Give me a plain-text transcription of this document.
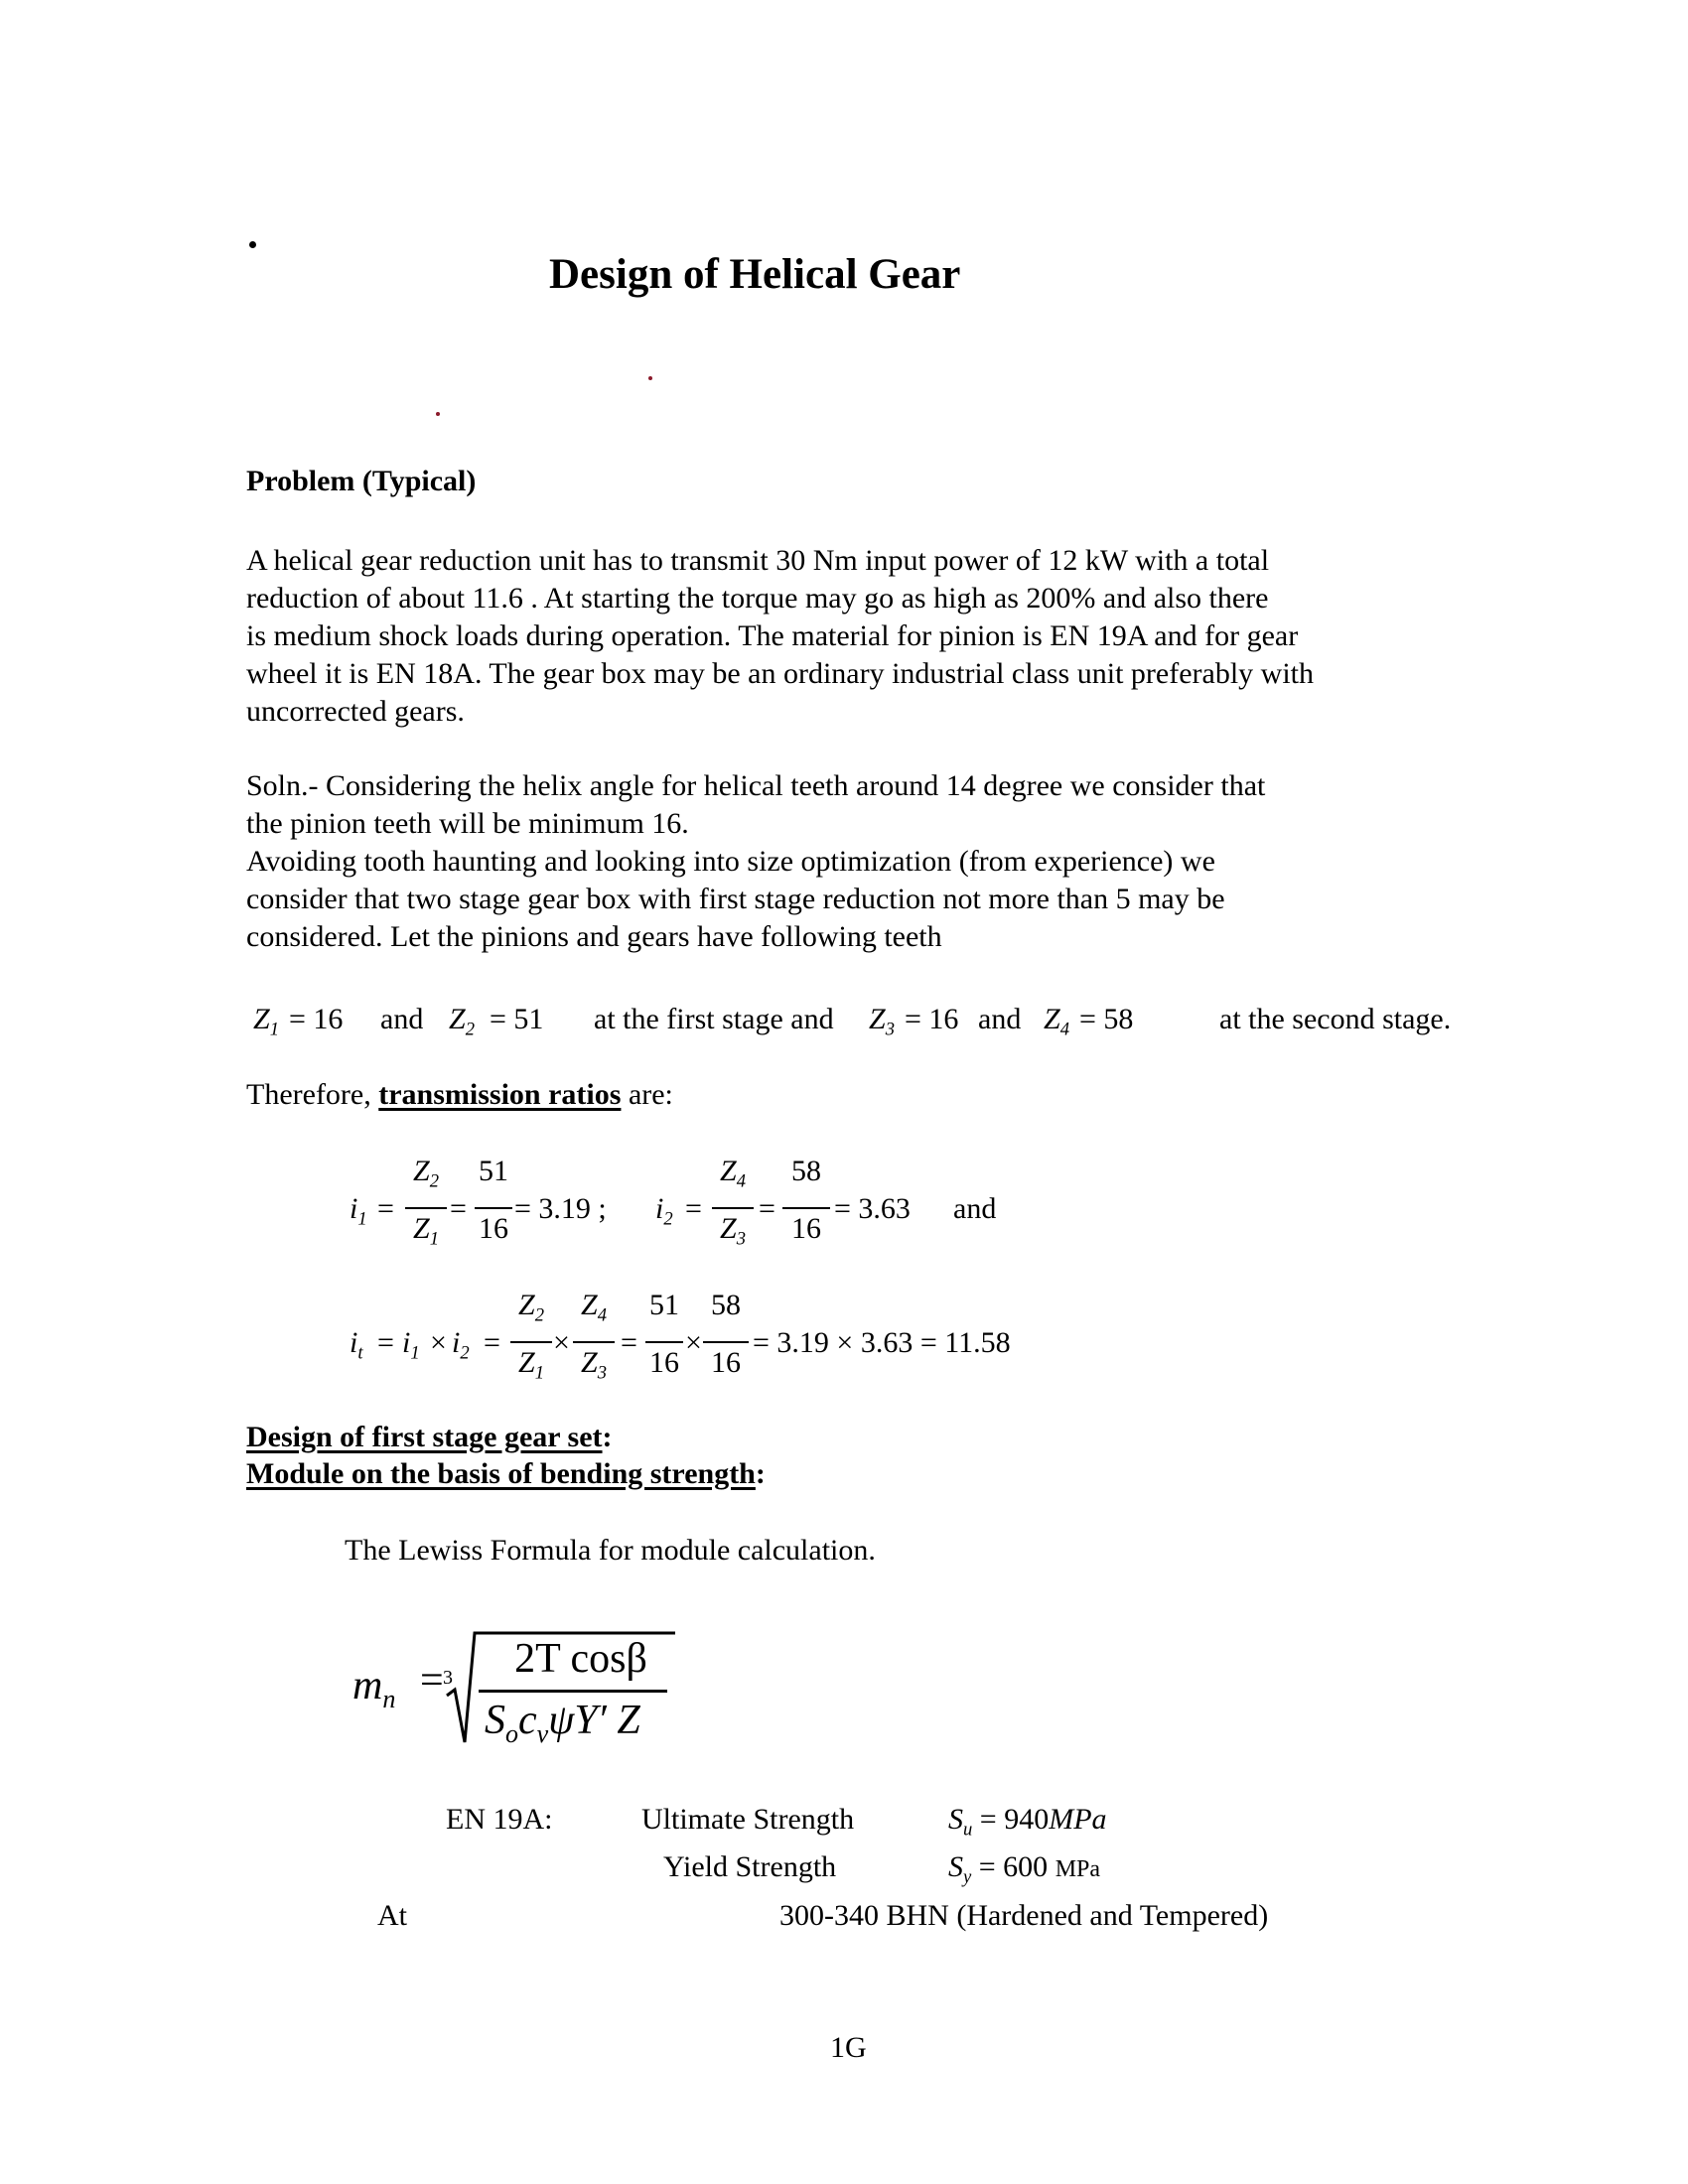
Design of Helical Gear
Problem (Typical)
A helical gear reduction unit has to transmit 30 Nm input power of 12 kW with a total
reduction of about 11.6 . At starting the torque may go as high as 200% and also there
is medium shock loads during operation. The material for pinion is EN 19A and for gear
wheel it is EN 18A. The gear box may be an ordinary industrial class unit preferably with
uncorrected gears.
Soln.- Considering the helix angle for helical teeth around 14 degree we consider that
the pinion teeth will be minimum 16.
Avoiding tooth haunting and looking into size optimization (from experience) we
consider that two stage gear box with first stage reduction not more than 5 may be
considered. Let the pinions and gears have following teeth
$Z_1 = 16$ and $Z_2 = 51$ at the first stage and $Z_3 = 16$ and $Z_4 = 58$	at the second stage.
Therefore, transmission ratios are:
$i_1$ =
$Z_2$
$Z_1$
=
51
16
= 3.19 ; $i_2$ =
$Z_4$
$Z_3$
=
58
16
= 3.63 and
$i_t = i_1 \times i_2$ =
$Z_2$
$Z_1$
×
$Z_4$
$Z_3$
=
51
16
×
58
16
= 3.19 × 3.63 = 11.58
Design of first stage gear set:
Module on the basis of bending strength:
The Lewiss Formula for module calculation.
$m_n = 3$	2T cosβ
$S_oc_v\psi Y'$ Z
EN 19A:	Ultimate Strength	$S_u = 940MPa$
Yield Strength	$S_y = 600$ MPa
At	300-340 BHN (Hardened and Tempered)
1G
